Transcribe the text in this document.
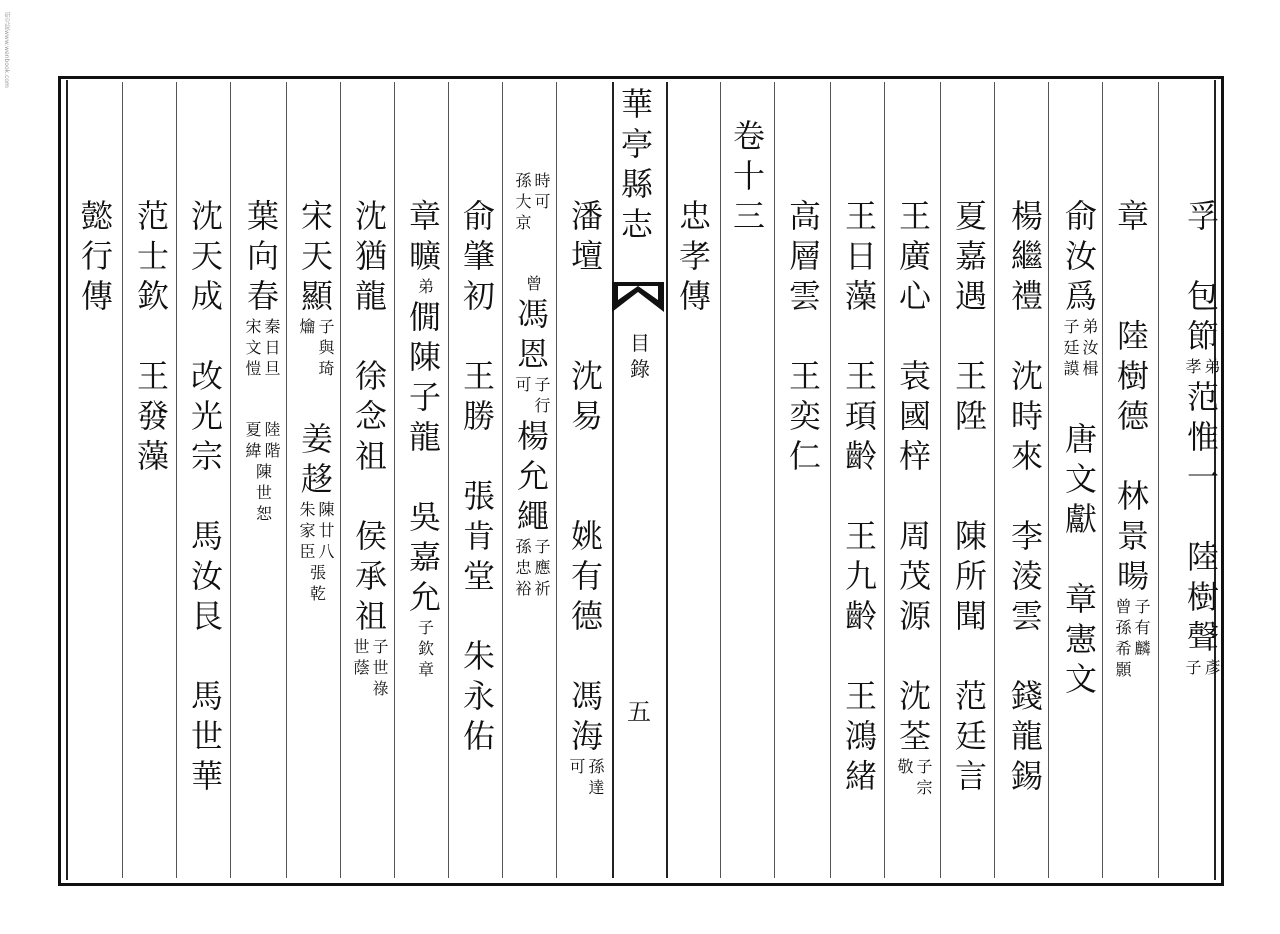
研究院www.wenbook.com
華
亭
縣
志
目
錄
五
孚
包
節
弟
孝
范
惟
一
陸
樹
聲
彥
子
章
陸
樹
德
林
景
暘
子
有
麟
曾
孫
希
顥
俞
汝
爲
弟
汝
楫
子
廷
謨
唐
文
獻
章
憲
文
楊
繼
禮
沈
時
來
李
淩
雲
錢
龍
錫
夏
嘉
遇
王
陞
陳
所
聞
范
廷
言
王
廣
心
袁
國
梓
周
茂
源
沈
荃
子
宗
敬
王
日
藻
王
頊
齡
王
九
齡
王
鴻
緒
高
層
雲
王
奕
仁
卷
十
三
忠
孝
傳
潘
壇
沈
易
姚
有
德
馮
海
孫
達
可
時
可
孫
大
京
曾
馮
恩
子
行
可
楊
允
繩
子
應
祈
孫
忠
裕
俞
肇
初
王
勝
張
肯
堂
朱
永
佑
章
曠
弟
僩
陳
子
龍
吳
嘉
允
子
欽
章
沈
猶
龍
徐
念
祖
侯
承
祖
子
世
祿
世
蔭
宋
天
顯
子
與
琦
爚
姜
趍
陳
廿
八
朱
家
臣
張
乾
葉
向
春
秦
日
旦
宋
文
愷
陸
階
夏
緯
陳
世
恕
沈
天
成
改
光
宗
馬
汝
艮
馬
世
華
范
士
欽
王
發
藻
懿
行
傳
